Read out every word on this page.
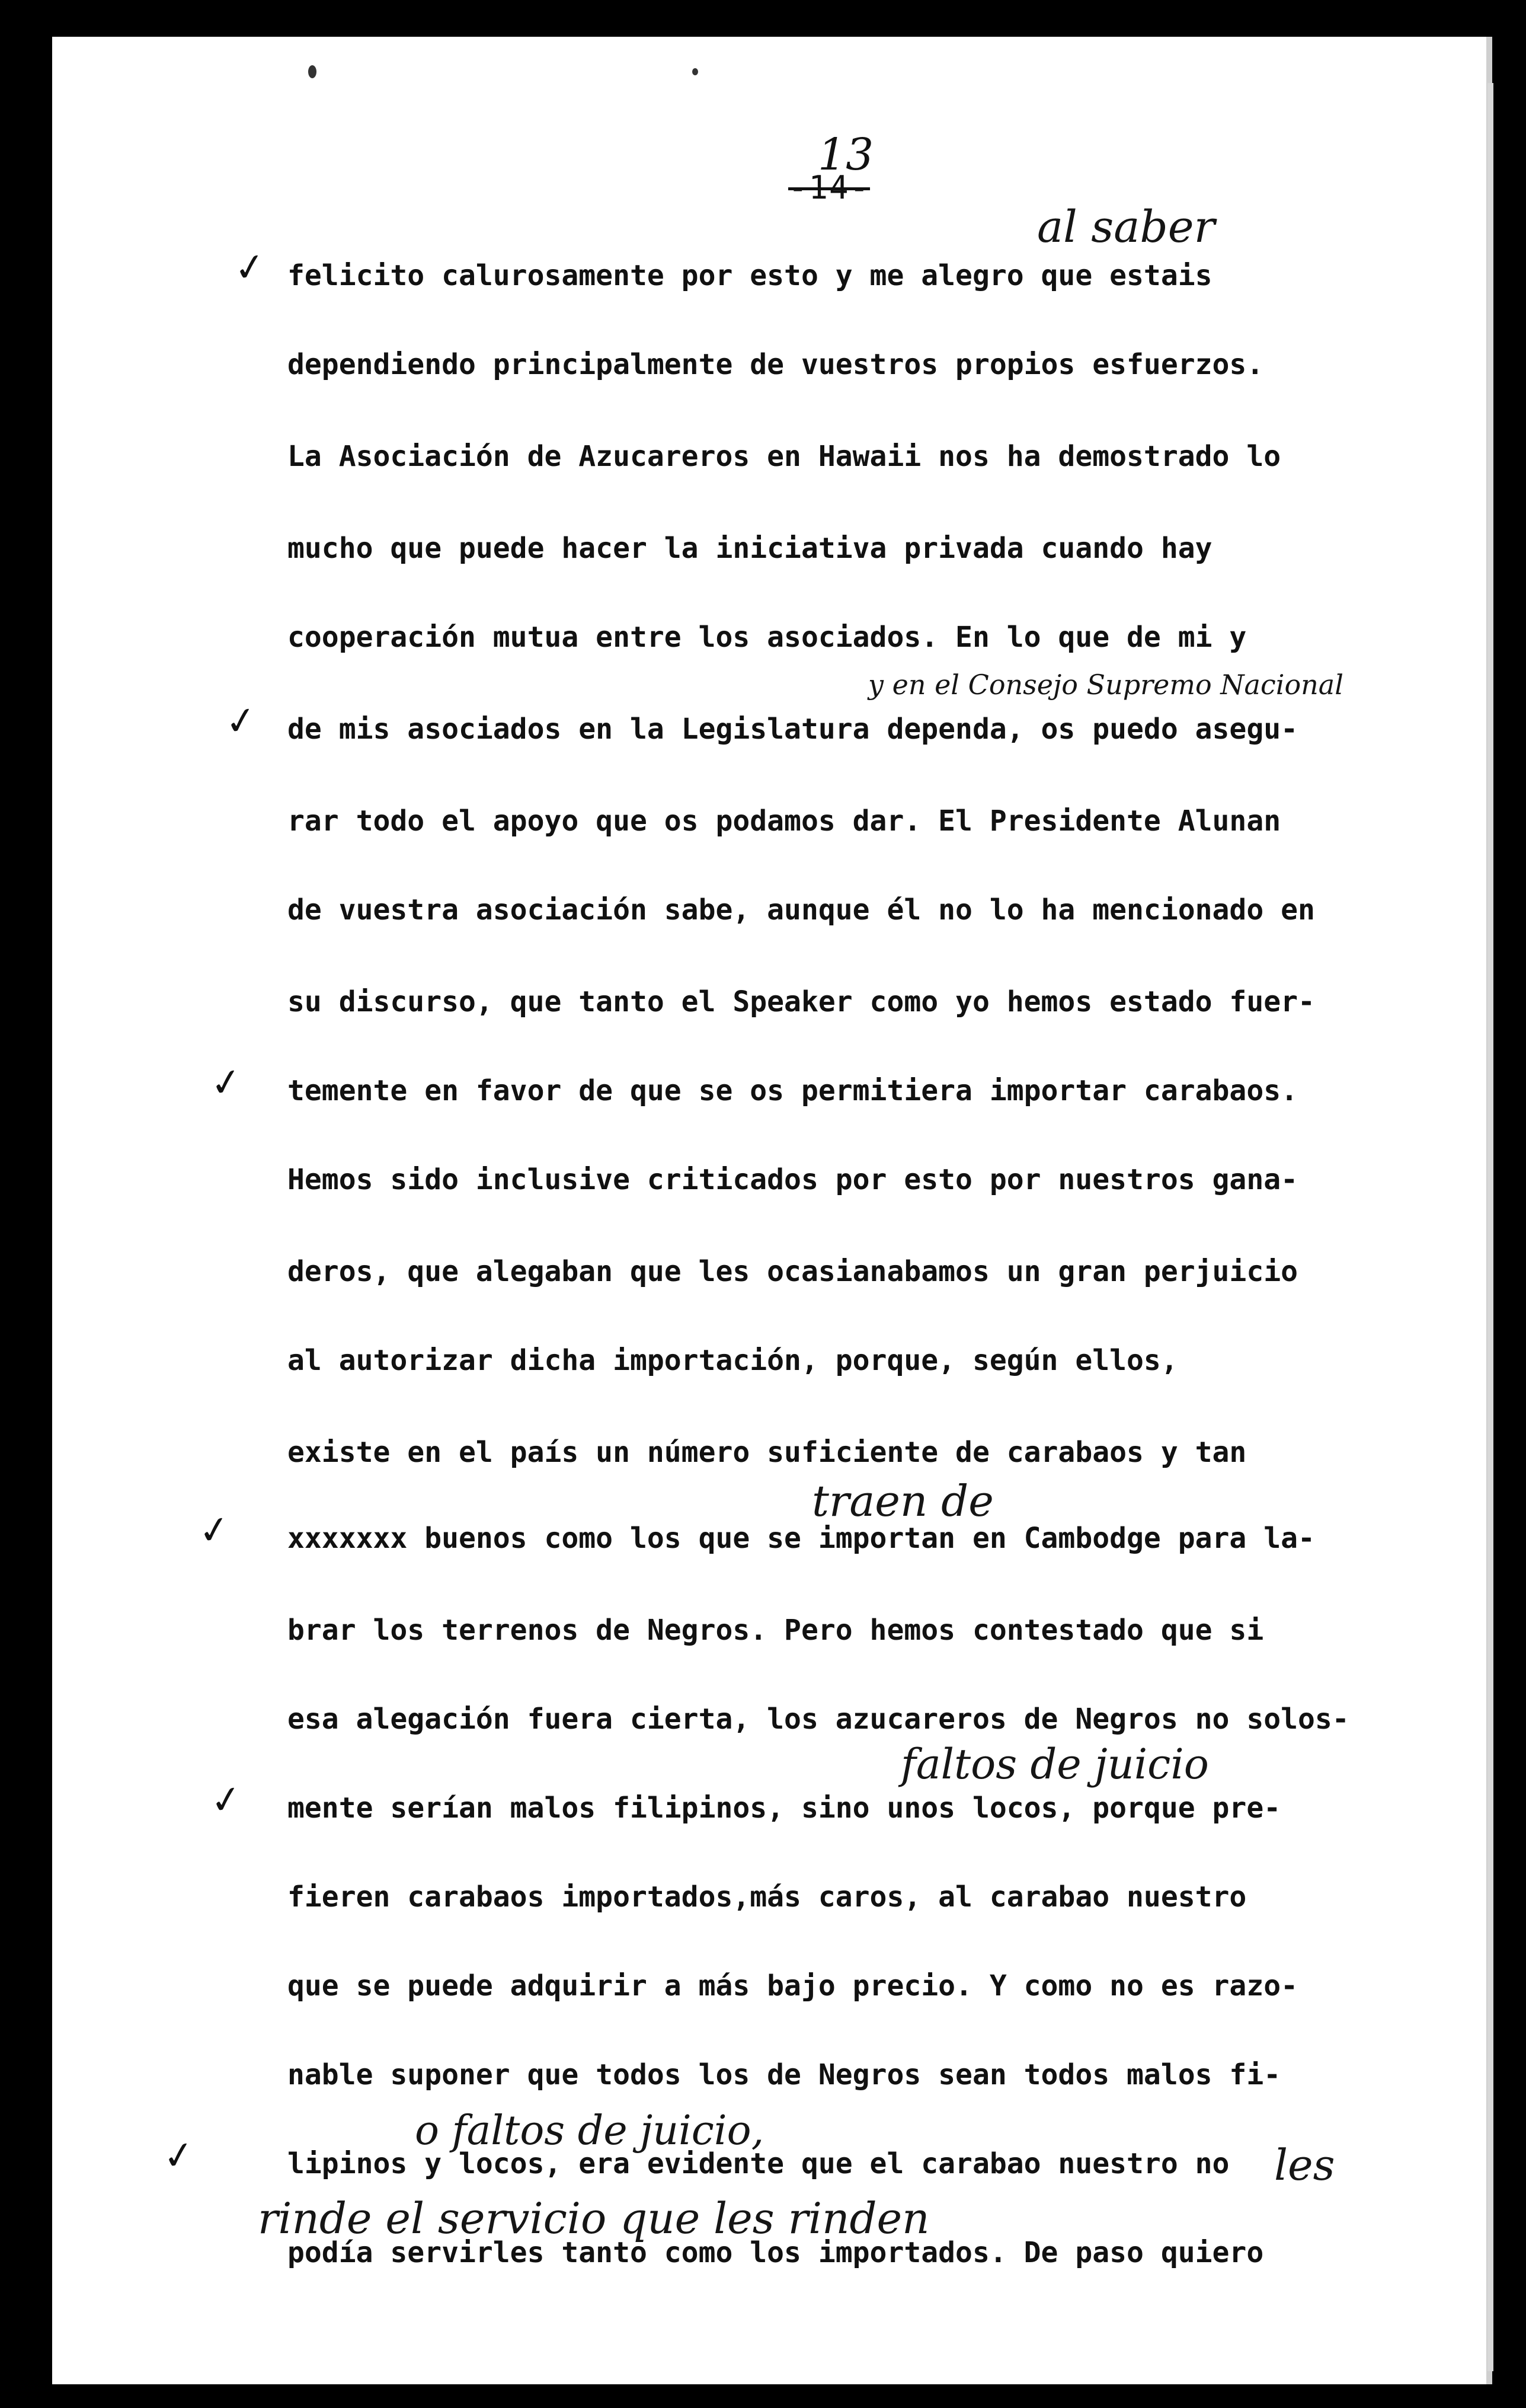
13
-14-
felicito calurosamente por esto y me alegro que estais
dependiendo principalmente de vuestros propios esfuerzos.
La Asociación de Azucareros en Hawaii nos ha demostrado lo
mucho que puede hacer la iniciativa privada cuando hay
cooperación mutua entre los asociados. En lo que de mi y
de mis asociados en la Legislatura dependa, os puedo asegu-
rar todo el apoyo que os podamos dar. El Presidente Alunan
de vuestra asociación sabe, aunque él no lo ha mencionado en
su discurso, que tanto el Speaker como yo hemos estado fuer-
temente en favor de que se os permitiera importar carabaos.
Hemos sido inclusive criticados por esto por nuestros gana-
deros, que alegaban que les ocasianabamos un gran perjuicio
al autorizar dicha importación, porque, según ellos,
existe en el país un número suficiente de carabaos y tan
xxxxxxx buenos como los que se importan en Cambodge para la-
brar los terrenos de Negros. Pero hemos contestado que si
esa alegación fuera cierta, los azucareros de Negros no solos-
mente serían malos filipinos, sino unos locos, porque pre-
fieren carabaos importados,más caros, al carabao nuestro
que se puede adquirir a más bajo precio. Y como no es razo-
nable suponer que todos los de Negros sean todos malos fi-
lipinos y locos, era evidente que el carabao nuestro no
podía servirles tanto como los importados. De paso quiero
al saber
y en el Consejo Supremo Nacional
traen de
faltos de juicio
o faltos de juicio,
les
rinde el servicio que les rinden
✓
✓
✓
✓
✓
✓
